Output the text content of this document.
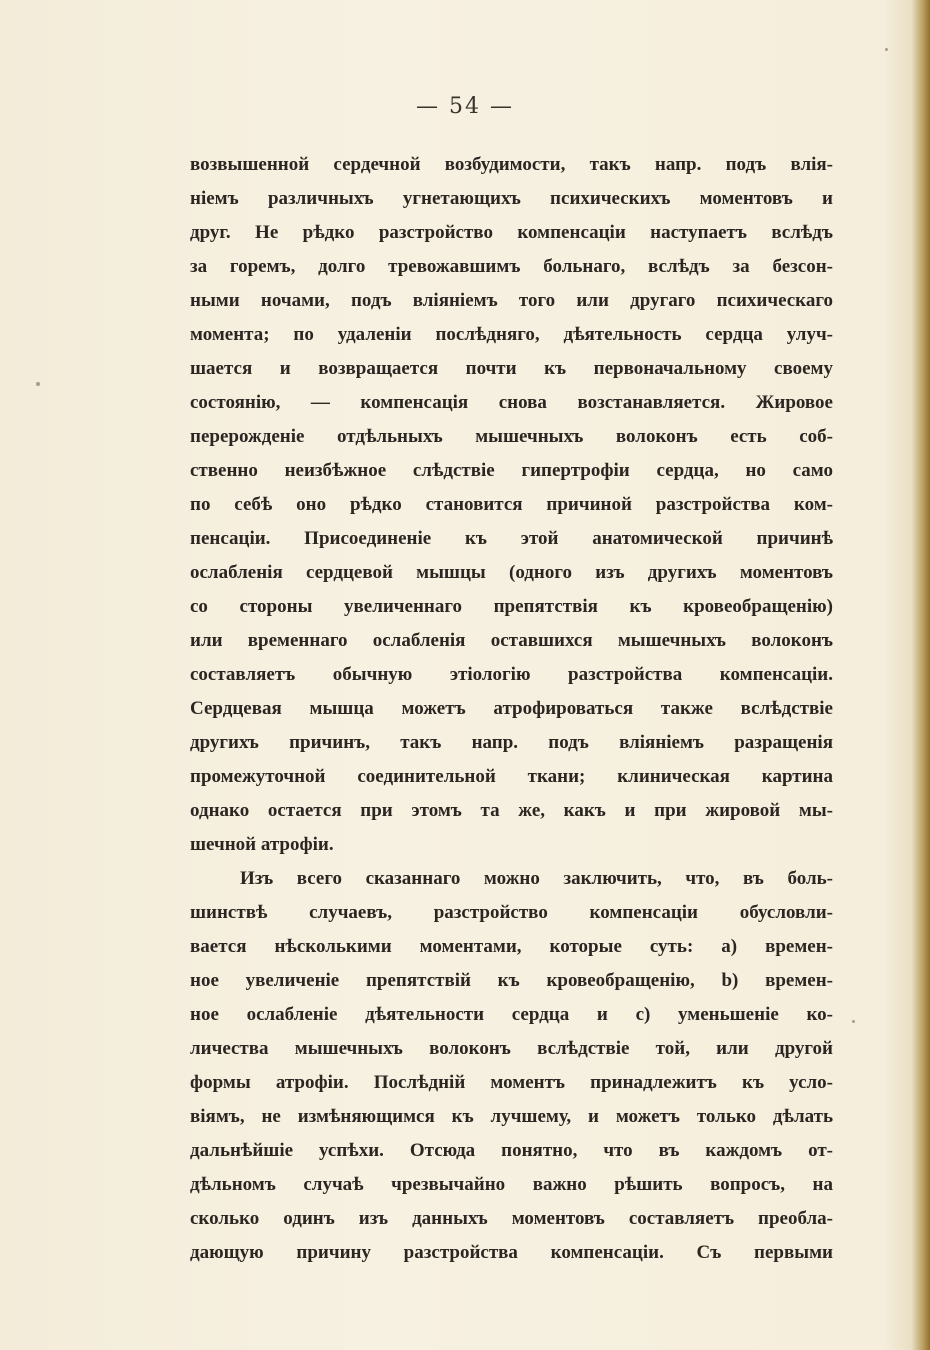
— 54 —
возвышенной сердечной возбудимости, такъ напр. подъ влія-
ніемъ различныхъ угнетающихъ психическихъ моментовъ и
друг. Не рѣдко разстройство компенсаціи наступаетъ вслѣдъ
за горемъ, долго тревожавшимъ больнаго, вслѣдъ за безсон-
ными ночами, подъ вліяніемъ того или другаго психическаго
момента; по удаленіи послѣдняго, дѣятельность сердца улуч-
шается и возвращается почти къ первоначальному своему
состоянію, — компенсація снова возстанавляется. Жировое
перерожденіе отдѣльныхъ мышечныхъ волоконъ есть соб-
ственно неизбѣжное слѣдствіе гипертрофіи сердца, но само
по себѣ оно рѣдко становится причиной разстройства ком-
пенсаціи. Присоединеніе къ этой анатомической причинѣ
ослабленія сердцевой мышцы (одного изъ другихъ моментовъ
со стороны увеличеннаго препятствія къ кровеобращенію)
или временнаго ослабленія оставшихся мышечныхъ волоконъ
составляетъ обычную этіологію разстройства компенсаціи.
Сердцевая мышца можетъ атрофироваться также вслѣдствіе
другихъ причинъ, такъ напр. подъ вліяніемъ разращенія
промежуточной соединительной ткани; клиническая картина
однако остается при этомъ та же, какъ и при жировой мы-
шечной атрофіи.
Изъ всего сказаннаго можно заключить, что, въ боль-
шинствѣ случаевъ, разстройство компенсаціи обусловли-
вается нѣсколькими моментами, которые суть: a) времен-
ное увеличеніе препятствій къ кровеобращенію, b) времен-
ное ослабленіе дѣятельности сердца и c) уменьшеніе ко-
личества мышечныхъ волоконъ вслѣдствіе той, или другой
формы атрофіи. Послѣдній моментъ принадлежитъ къ усло-
віямъ, не измѣняющимся къ лучшему, и можетъ только дѣлать
дальнѣйшіе успѣхи. Отсюда понятно, что въ каждомъ от-
дѣльномъ случаѣ чрезвычайно важно рѣшить вопросъ, на
сколько одинъ изъ данныхъ моментовъ составляетъ преобла-
дающую причину разстройства компенсаціи. Съ первыми
